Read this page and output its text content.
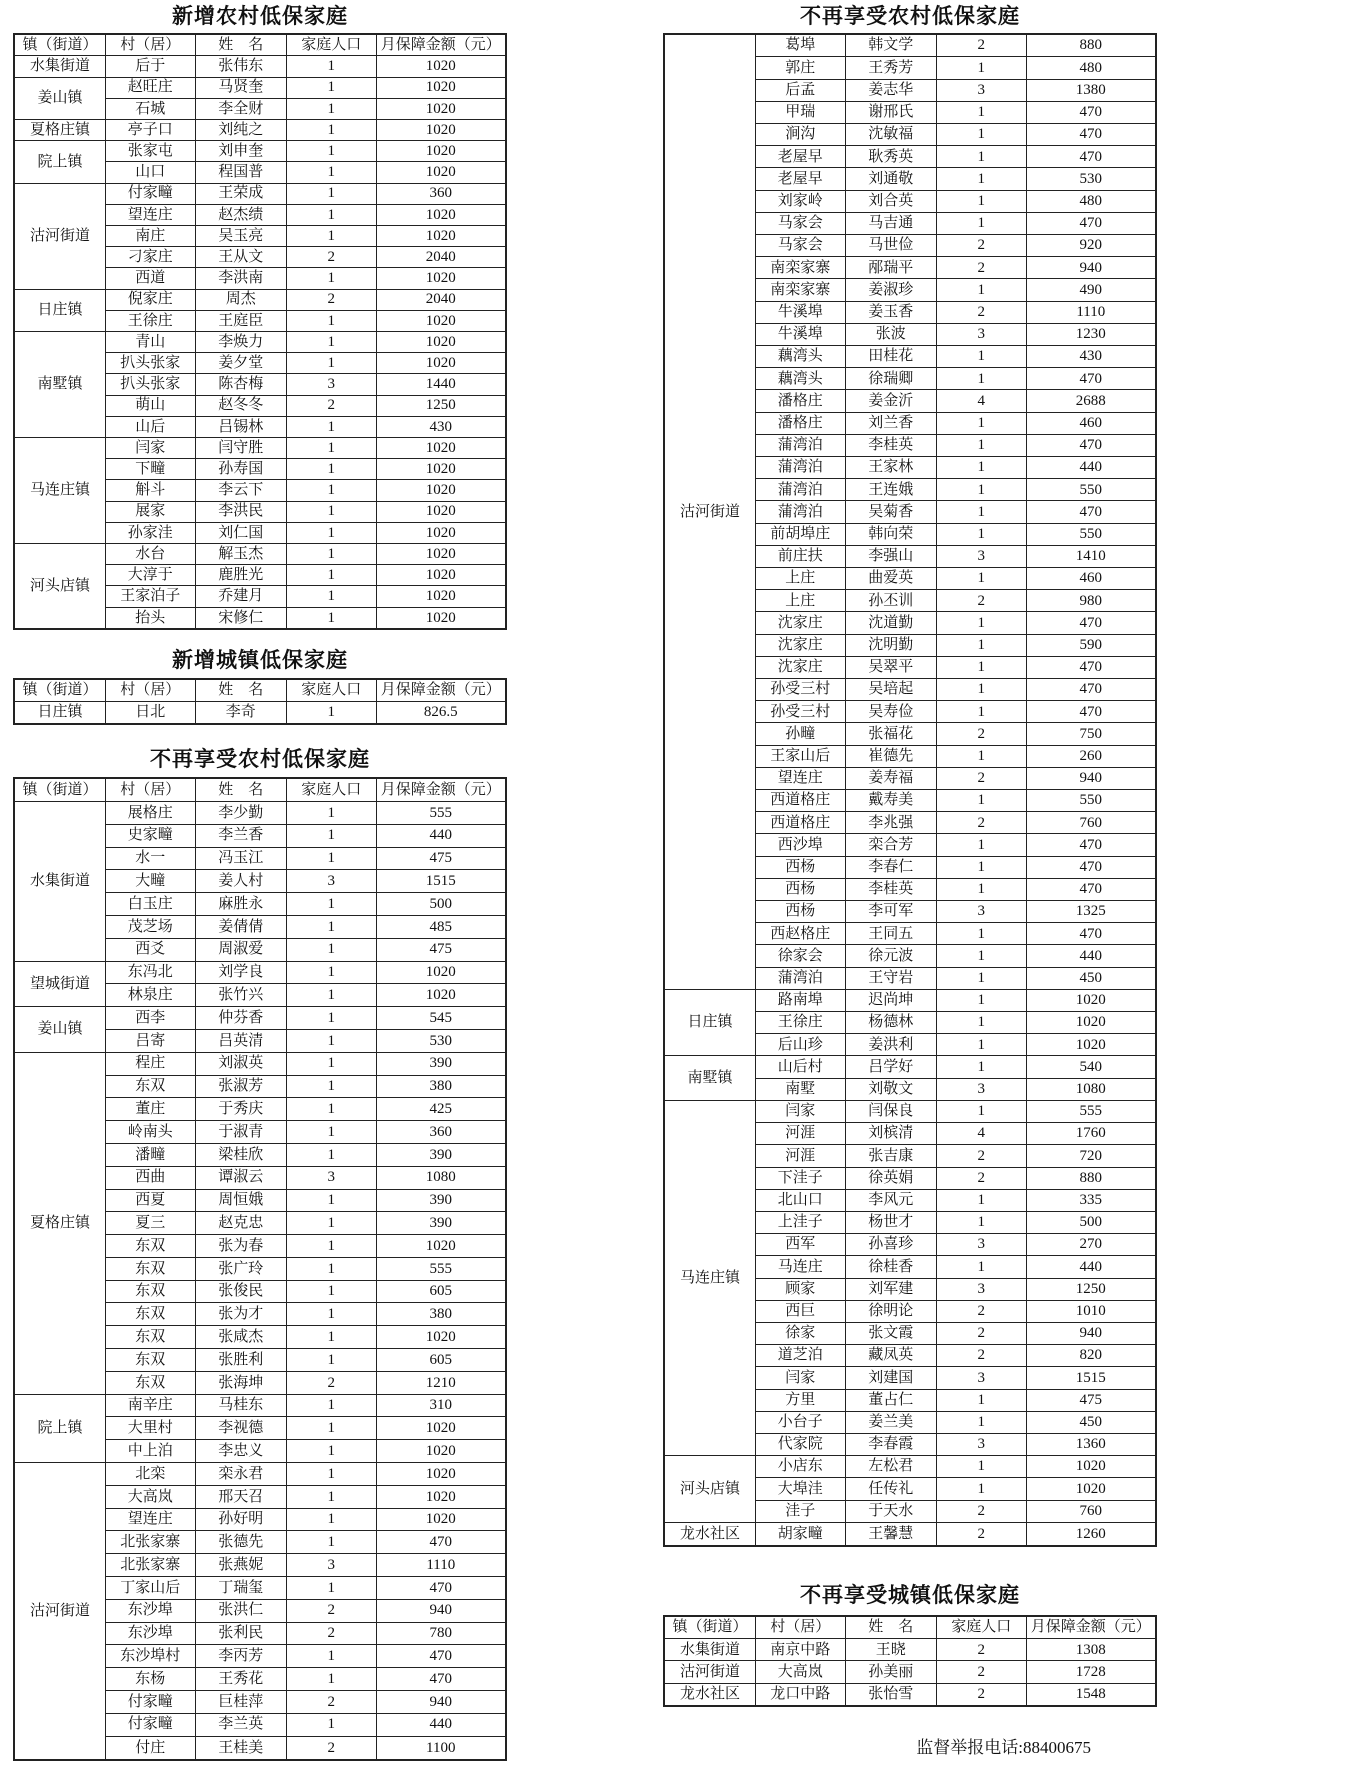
新增农村低保家庭
镇（街道）	村（居）	姓　名	家庭人口	月保障金额（元）
水集街道	后于	张伟东	1	1020
姜山镇	赵旺庄	马贤奎	1	1020
	石城	李全财	1	1020
夏格庄镇	亭子口	刘纯之	1	1020
院上镇	张家屯	刘申奎	1	1020
	山口	程国普	1	1020
沽河街道	付家疃	王荣成	1	360
	望连庄	赵杰绩	1	1020
	南庄	吴玉亮	1	1020
	刁家庄	王从文	2	2040
	西道	李洪南	1	1020
日庄镇	倪家庄	周杰	2	2040
	王徐庄	王庭臣	1	1020
南墅镇	青山	李焕力	1	1020
	扒头张家	姜夕堂	1	1020
	扒头张家	陈杏梅	3	1440
	萌山	赵冬冬	2	1250
	山后	吕锡林	1	430
马连庄镇	闫家	闫守胜	1	1020
	下疃	孙寿国	1	1020
	斛斗	李云下	1	1020
	展家	李洪民	1	1020
	孙家洼	刘仁国	1	1020
河头店镇	水台	解玉杰	1	1020
	大淳于	鹿胜光	1	1020
	王家泊子	乔建月	1	1020
	抬头	宋修仁	1	1020
新增城镇低保家庭
镇（街道）	村（居）	姓　名	家庭人口	月保障金额（元）
日庄镇	日北	李奇	1	826.5
不再享受农村低保家庭
镇（街道）	村（居）	姓　名	家庭人口	月保障金额（元）
水集街道	展格庄	李少勤	1	555
	史家疃	李兰香	1	440
	水一	冯玉江	1	475
	大疃	姜人村	3	1515
	白玉庄	麻胜永	1	500
	茂芝场	姜倩倩	1	485
	西爻	周淑爱	1	475
望城街道	东冯北	刘学良	1	1020
	林泉庄	张竹兴	1	1020
姜山镇	西李	仲芬香	1	545
	吕寄	吕英清	1	530
夏格庄镇	程庄	刘淑英	1	390
	东双	张淑芳	1	380
	董庄	于秀庆	1	425
	岭南头	于淑青	1	360
	潘疃	梁桂欣	1	390
	西曲	谭淑云	3	1080
	西夏	周恒娥	1	390
	夏三	赵克忠	1	390
	东双	张为春	1	1020
	东双	张广玲	1	555
	东双	张俊民	1	605
	东双	张为才	1	380
	东双	张咸杰	1	1020
	东双	张胜利	1	605
	东双	张海坤	2	1210
院上镇	南辛庄	马桂东	1	310
	大里村	李视德	1	1020
	中上泊	李忠义	1	1020
沽河街道	北栾	栾永君	1	1020
	大高岚	邢天召	1	1020
	望连庄	孙好明	1	1020
	北张家寨	张德先	1	470
	北张家寨	张燕妮	3	1110
	丁家山后	丁瑞玺	1	470
	东沙埠	张洪仁	2	940
	东沙埠	张利民	2	780
	东沙埠村	李丙芳	1	470
	东杨	王秀花	1	470
	付家疃	巨桂萍	2	940
	付家疃	李兰英	1	440
	付庄	王桂美	2	1100
不再享受农村低保家庭
沽河街道	葛埠	韩文学	2	880
	郭庄	王秀芳	1	480
	后孟	姜志华	3	1380
	甲瑞	谢邢氏	1	470
	涧沟	沈敏福	1	470
	老屋早	耿秀英	1	470
	老屋早	刘通敬	1	530
	刘家岭	刘合英	1	480
	马家会	马吉通	1	470
	马家会	马世俭	2	920
	南栾家寨	邴瑞平	2	940
	南栾家寨	姜淑珍	1	490
	牛溪埠	姜玉香	2	1110
	牛溪埠	张波	3	1230
	藕湾头	田桂花	1	430
	藕湾头	徐瑞卿	1	470
	潘格庄	姜金沂	4	2688
	潘格庄	刘兰香	1	460
	蒲湾泊	李桂英	1	470
	蒲湾泊	王家林	1	440
	蒲湾泊	王连娥	1	550
	蒲湾泊	吴菊香	1	470
	前胡埠庄	韩向荣	1	550
	前庄扶	李强山	3	1410
	上庄	曲爱英	1	460
	上庄	孙丕训	2	980
	沈家庄	沈道勤	1	470
	沈家庄	沈明勤	1	590
	沈家庄	吴翠平	1	470
	孙受三村	吴培起	1	470
	孙受三村	吴寿俭	1	470
	孙疃	张福花	2	750
	王家山后	崔德先	1	260
	望连庄	姜寿福	2	940
	西道格庄	戴寿美	1	550
	西道格庄	李兆强	2	760
	西沙埠	栾合芳	1	470
	西杨	李春仁	1	470
	西杨	李桂英	1	470
	西杨	李可军	3	1325
	西赵格庄	王同五	1	470
	徐家会	徐元波	1	440
	蒲湾泊	王守岩	1	450
日庄镇	路南埠	迟尚坤	1	1020
	王徐庄	杨德林	1	1020
	后山珍	姜洪利	1	1020
南墅镇	山后村	吕学好	1	540
	南墅	刘敬文	3	1080
马连庄镇	闫家	闫保良	1	555
	河涯	刘槟清	4	1760
	河涯	张吉康	2	720
	下洼子	徐英娟	2	880
	北山口	李风元	1	335
	上洼子	杨世才	1	500
	西军	孙喜珍	3	270
	马连庄	徐桂香	1	440
	顾家	刘军建	3	1250
	西巨	徐明论	2	1010
	徐家	张文霞	2	940
	道芝泊	藏凤英	2	820
	闫家	刘建国	3	1515
	方里	董占仁	1	475
	小台子	姜兰美	1	450
	代家院	李春霞	3	1360
河头店镇	小店东	左松君	1	1020
	大埠洼	任传礼	1	1020
	洼子	于天水	2	760
龙水社区	胡家疃	王馨慧	2	1260
不再享受城镇低保家庭
镇（街道）	村（居）	姓　名	家庭人口	月保障金额（元）
水集街道	南京中路	王晓	2	1308
沽河街道	大高岚	孙美丽	2	1728
龙水社区	龙口中路	张怡雪	2	1548
监督举报电话:88400675
